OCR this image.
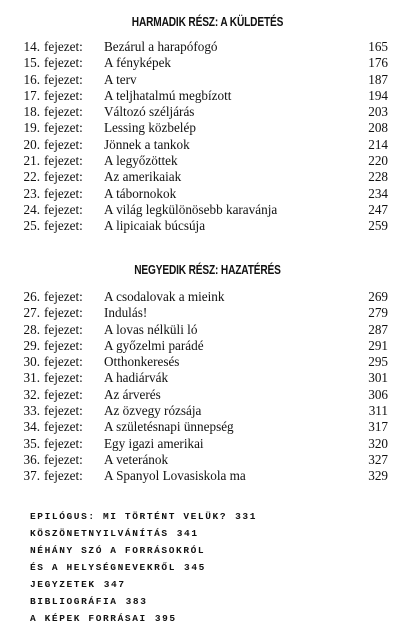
HARMADIK RÉSZ: A KÜLDETÉS
14. fejezet: Bezárul a harapófogó	165
15. fejezet: A fényképek	176
16. fejezet: A terv	187
17. fejezet: A teljhatalmú megbízott	194
18. fejezet: Változó széljárás	203
19. fejezet: Lessing közbelép	208
20. fejezet: Jönnek a tankok	214
21. fejezet: A legyőzöttek	220
22. fejezet: Az amerikaiak	228
23. fejezet: A tábornokok	234
24. fejezet: A világ legkülönösebb karavánja	247
25. fejezet: A lipicaiak búcsúja	259
NEGYEDIK RÉSZ: HAZATÉRÉS
26. fejezet: A csodalovak a mieink	269
27. fejezet: Indulás!	279
28. fejezet: A lovas nélküli ló	287
29. fejezet: A győzelmi parádé	291
30. fejezet: Otthonkeresés	295
31. fejezet: A hadiárvák	301
32. fejezet: Az árverés	306
33. fejezet: Az özvegy rózsája	311
34. fejezet: A születésnapi ünnepség	317
35. fejezet: Egy igazi amerikai	320
36. fejezet: A veteránok	327
37. fejezet: A Spanyol Lovasiskola ma	329
EPILÓGUS: MI TÖRTÉNT VELÜK? 331
KÖSZÖNETNYILVÁNÍTÁS 341
NÉHÁNY SZÓ A FORRÁSOKRÓL
ÉS A HELYSÉGNEVEKRŐL 345
JEGYZETEK 347
BIBLIOGRÁFIA 383
A KÉPEK FORRÁSAI 395
